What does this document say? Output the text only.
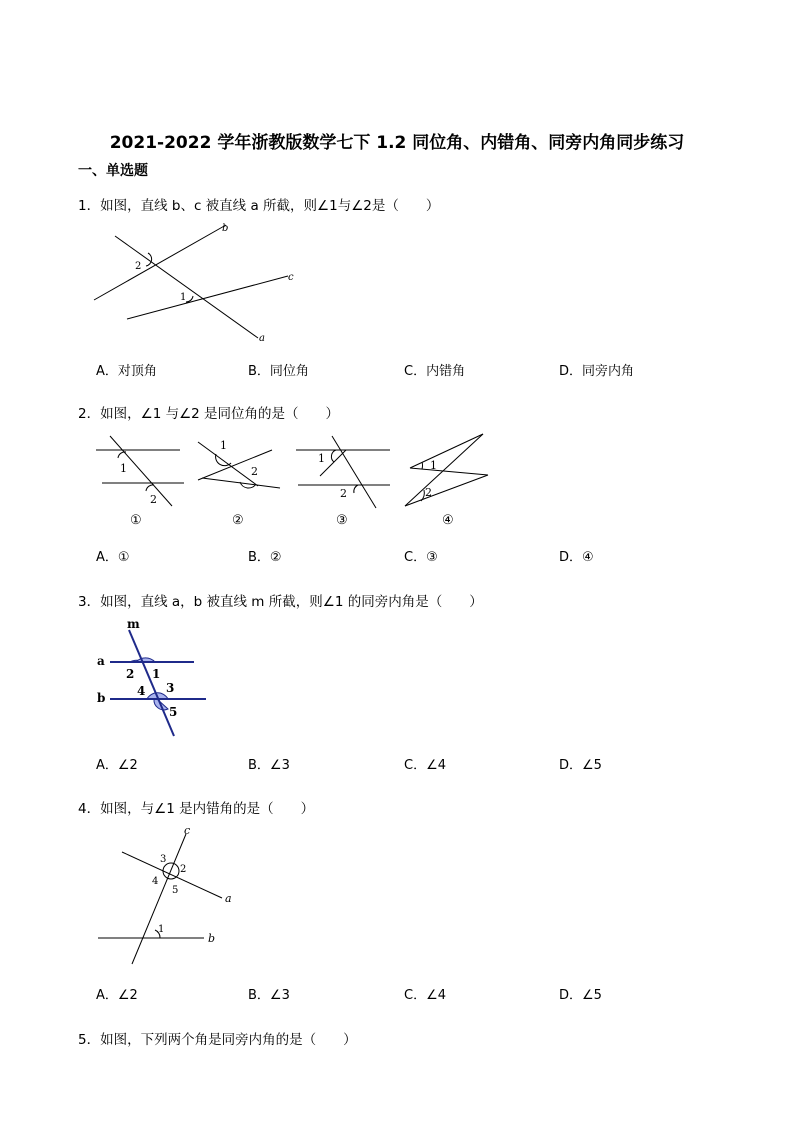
2021-2022 学年浙教版数学七下 1.2 同位角、内错角、同旁内角同步练习
一、单选题
1．如图，直线 b、c 被直线 a 所截，则∠1与∠2是（　　）
b
c
a
1
2
A．对顶角	B．同位角	C．内错角	D．同旁内角
2．如图，∠1 与∠2 是同位角的是（　　）
1
2
1
2
1
2
1
2
①	②	③	④
A．①	B．②	C．③	D．④
3．如图，直线 a，b 被直线 m 所截，则∠1 的同旁内角是（　　）
m
a
b
2 1
4 3
5
A．∠2	B．∠3	C．∠4	D．∠5
4．如图，与∠1 是内错角的是（　　）
c
a
b
3
2
4
5
1
A．∠2	B．∠3	C．∠4	D．∠5
5．如图，下列两个角是同旁内角的是（　　）
